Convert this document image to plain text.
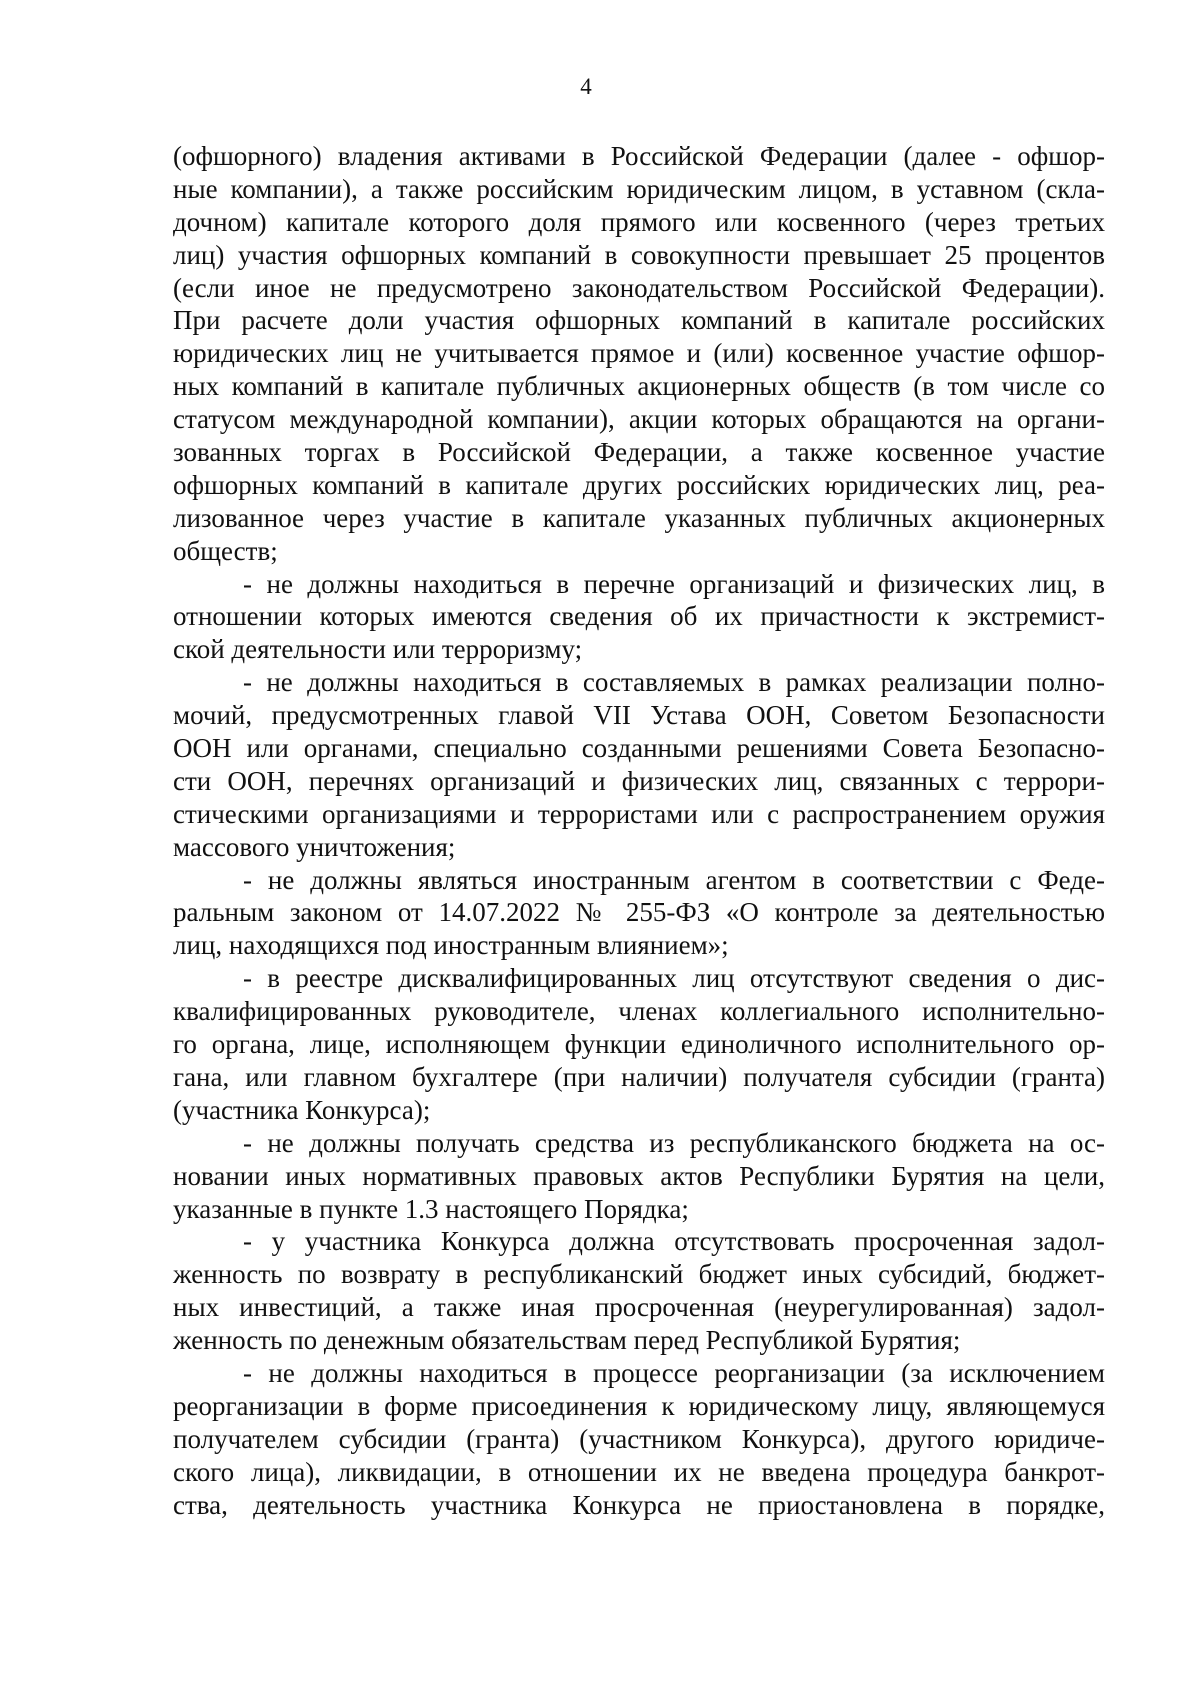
4
(офшорного) владения активами в Российской Федерации (далее - офшор-
ные компании), а также российским юридическим лицом, в уставном (скла-
дочном) капитале которого доля прямого или косвенного (через третьих
лиц) участия офшорных компаний в совокупности превышает 25 процентов
(если иное не предусмотрено законодательством Российской Федерации).
При расчете доли участия офшорных компаний в капитале российских
юридических лиц не учитывается прямое и (или) косвенное участие офшор-
ных компаний в капитале публичных акционерных обществ (в том числе со
статусом международной компании), акции которых обращаются на органи-
зованных торгах в Российской Федерации, а также косвенное участие
офшорных компаний в капитале других российских юридических лиц, реа-
лизованное через участие в капитале указанных публичных акционерных
обществ;
- не должны находиться в перечне организаций и физических лиц, в
отношении которых имеются сведения об их причастности к экстремист-
ской деятельности или терроризму;
- не должны находиться в составляемых в рамках реализации полно-
мочий, предусмотренных главой VII Устава ООН, Советом Безопасности
ООН или органами, специально созданными решениями Совета Безопасно-
сти ООН, перечнях организаций и физических лиц, связанных с террори-
стическими организациями и террористами или с распространением оружия
массового уничтожения;
- не должны являться иностранным агентом в соответствии с Феде-
ральным законом от 14.07.2022 № 255-ФЗ «О контроле за деятельностью
лиц, находящихся под иностранным влиянием»;
- в реестре дисквалифицированных лиц отсутствуют сведения о дис-
квалифицированных руководителе, членах коллегиального исполнительно-
го органа, лице, исполняющем функции единоличного исполнительного ор-
гана, или главном бухгалтере (при наличии) получателя субсидии (гранта)
(участника Конкурса);
- не должны получать средства из республиканского бюджета на ос-
новании иных нормативных правовых актов Республики Бурятия на цели,
указанные в пункте 1.3 настоящего Порядка;
- у участника Конкурса должна отсутствовать просроченная задол-
женность по возврату в республиканский бюджет иных субсидий, бюджет-
ных инвестиций, а также иная просроченная (неурегулированная) задол-
женность по денежным обязательствам перед Республикой Бурятия;
- не должны находиться в процессе реорганизации (за исключением
реорганизации в форме присоединения к юридическому лицу, являющемуся
получателем субсидии (гранта) (участником Конкурса), другого юридиче-
ского лица), ликвидации, в отношении их не введена процедура банкрот-
ства, деятельность участника Конкурса не приостановлена в порядке,
